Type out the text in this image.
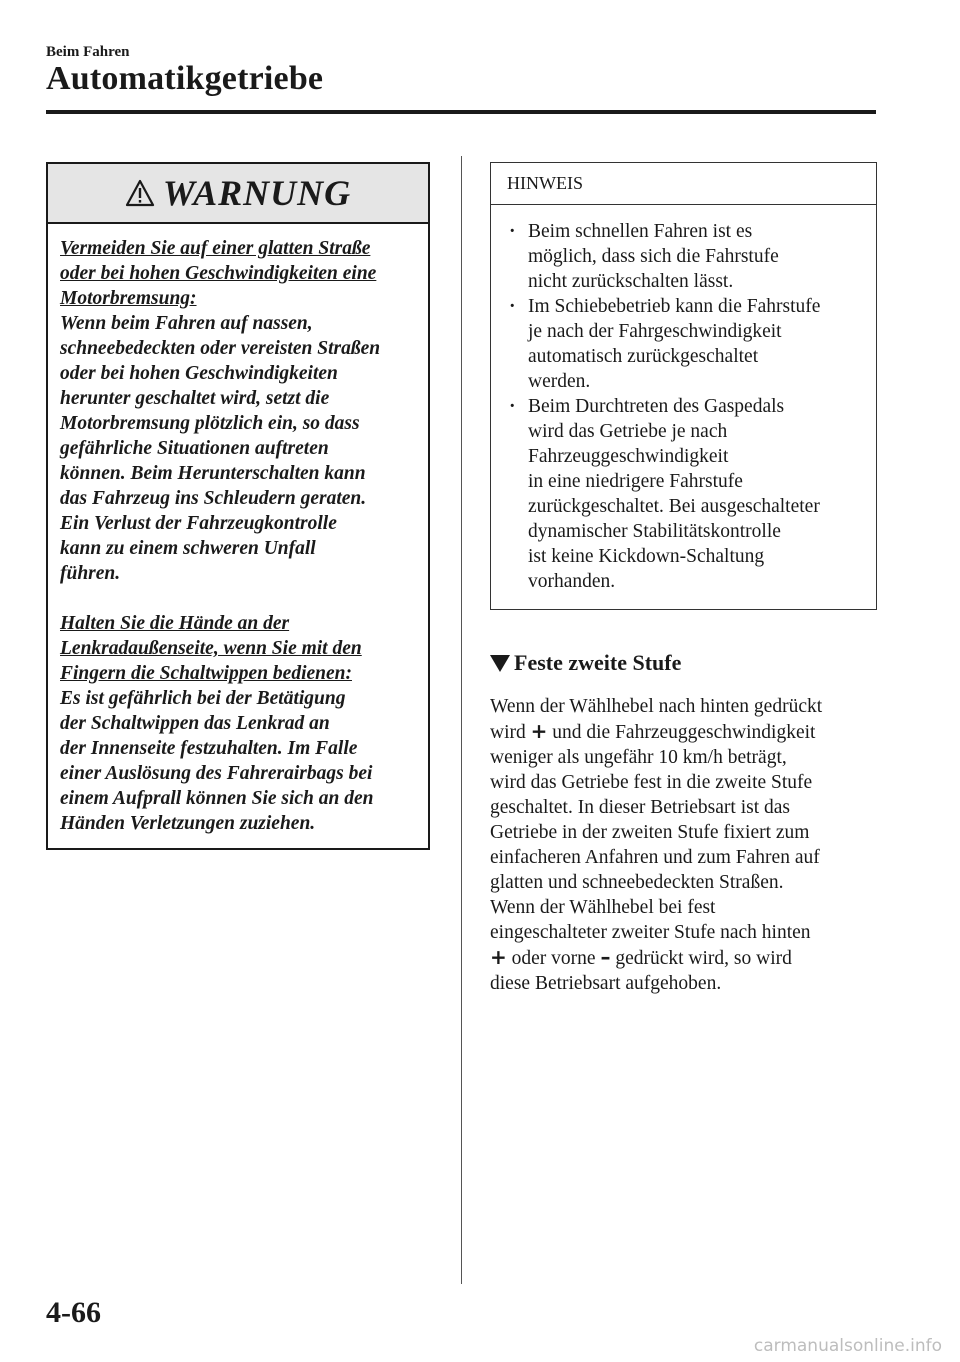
Beim Fahren
Automatikgetriebe
WARNUNG
Vermeiden Sie auf einer glatten Straße
oder bei hohen Geschwindigkeiten eine
Motorbremsung:
Wenn beim Fahren auf nassen,
schneebedeckten oder vereisten Straßen
oder bei hohen Geschwindigkeiten
herunter geschaltet wird, setzt die
Motorbremsung plötzlich ein, so dass
gefährliche Situationen auftreten
können. Beim Herunterschalten kann
das Fahrzeug ins Schleudern geraten.
Ein Verlust der Fahrzeugkontrolle
kann zu einem schweren Unfall
führen.
Halten Sie die Hände an der
Lenkradaußenseite, wenn Sie mit den
Fingern die Schaltwippen bedienen:
Es ist gefährlich bei der Betätigung
der Schaltwippen das Lenkrad an
der Innenseite festzuhalten. Im Falle
einer Auslösung des Fahrerairbags bei
einem Aufprall können Sie sich an den
Händen Verletzungen zuziehen.
HINWEIS
· Beim schnellen Fahren ist es
möglich, dass sich die Fahrstufe
nicht zurückschalten lässt.
· Im Schiebebetrieb kann die Fahrstufe
je nach der Fahrgeschwindigkeit
automatisch zurückgeschaltet
werden.
· Beim Durchtreten des Gaspedals
wird das Getriebe je nach
Fahrzeuggeschwindigkeit
in eine niedrigere Fahrstufe
zurückgeschaltet. Bei ausgeschalteter
dynamischer Stabilitätskontrolle
ist keine Kickdown-Schaltung
vorhanden.
Feste zweite Stufe
Wenn der Wählhebel nach hinten gedrückt
wird + und die Fahrzeuggeschwindigkeit
weniger als ungefähr 10 km/h beträgt,
wird das Getriebe fest in die zweite Stufe
geschaltet. In dieser Betriebsart ist das
Getriebe in der zweiten Stufe fixiert zum
einfacheren Anfahren und zum Fahren auf
glatten und schneebedeckten Straßen.
Wenn der Wählhebel bei fest
eingeschalteter zweiter Stufe nach hinten
+ oder vorne – gedrückt wird, so wird
diese Betriebsart aufgehoben.
4-66
carmanualsonline.info
